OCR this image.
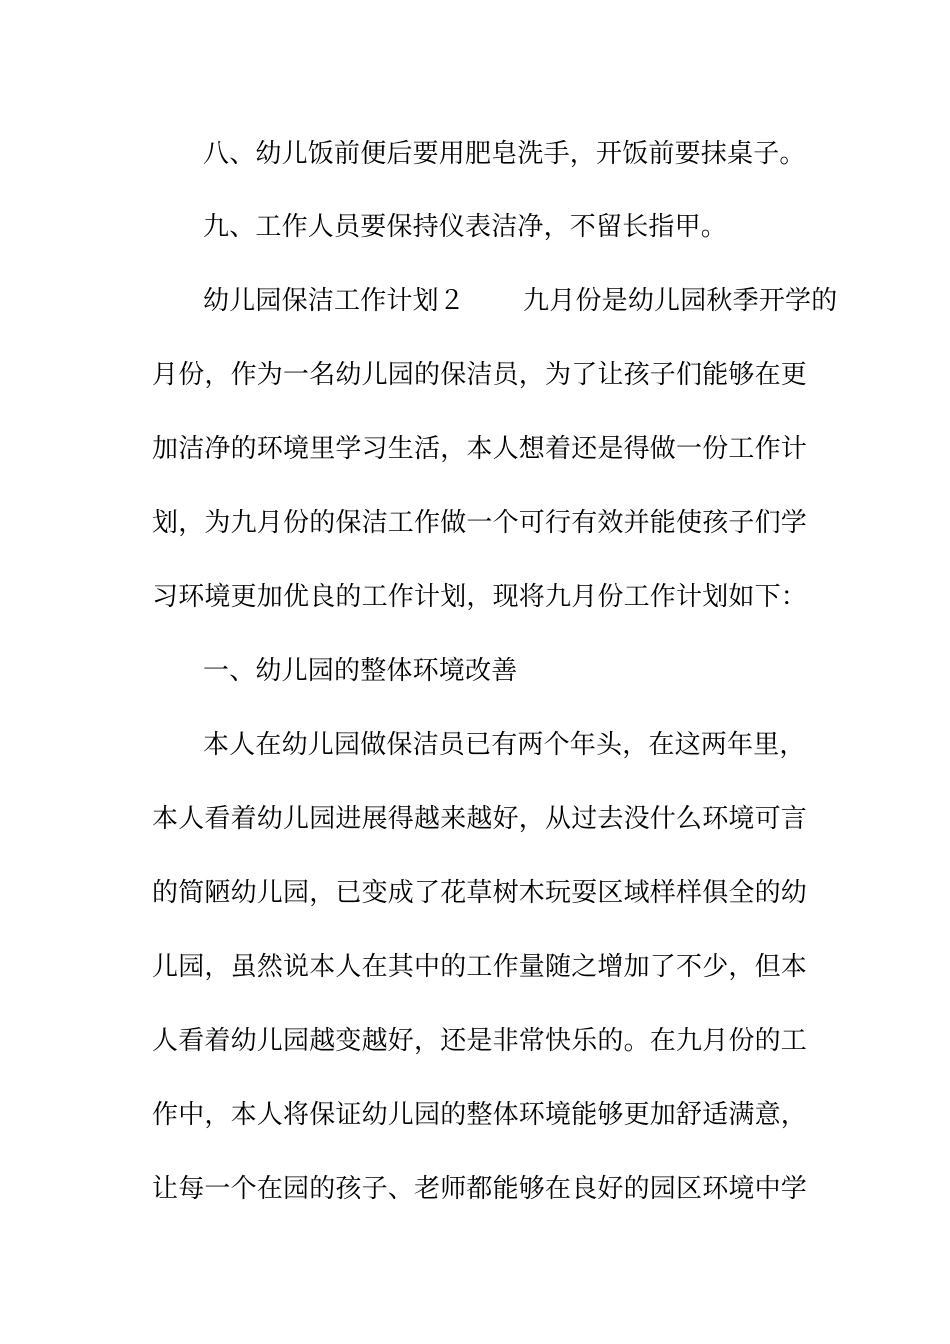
八、幼儿饭前便后要用肥皂洗手，开饭前要抹桌子。
九、工作人员要保持仪表洁净，不留长指甲。
幼儿园保洁工作计划２ 九月份是幼儿园秋季开学的
月份，作为一名幼儿园的保洁员，为了让孩子们能够在更
加洁净的环境里学习生活，本人想着还是得做一份工作计
划，为九月份的保洁工作做一个可行有效并能使孩子们学
习环境更加优良的工作计划，现将九月份工作计划如下：
一、幼儿园的整体环境改善
本人在幼儿园做保洁员已有两个年头，在这两年里，
本人看着幼儿园进展得越来越好，从过去没什么环境可言
的简陋幼儿园，已变成了花草树木玩耍区域样样俱全的幼
儿园，虽然说本人在其中的工作量随之增加了不少，但本
人看着幼儿园越变越好，还是非常快乐的。在九月份的工
作中，本人将保证幼儿园的整体环境能够更加舒适满意，
让每一个在园的孩子、老师都能够在良好的园区环境中学
